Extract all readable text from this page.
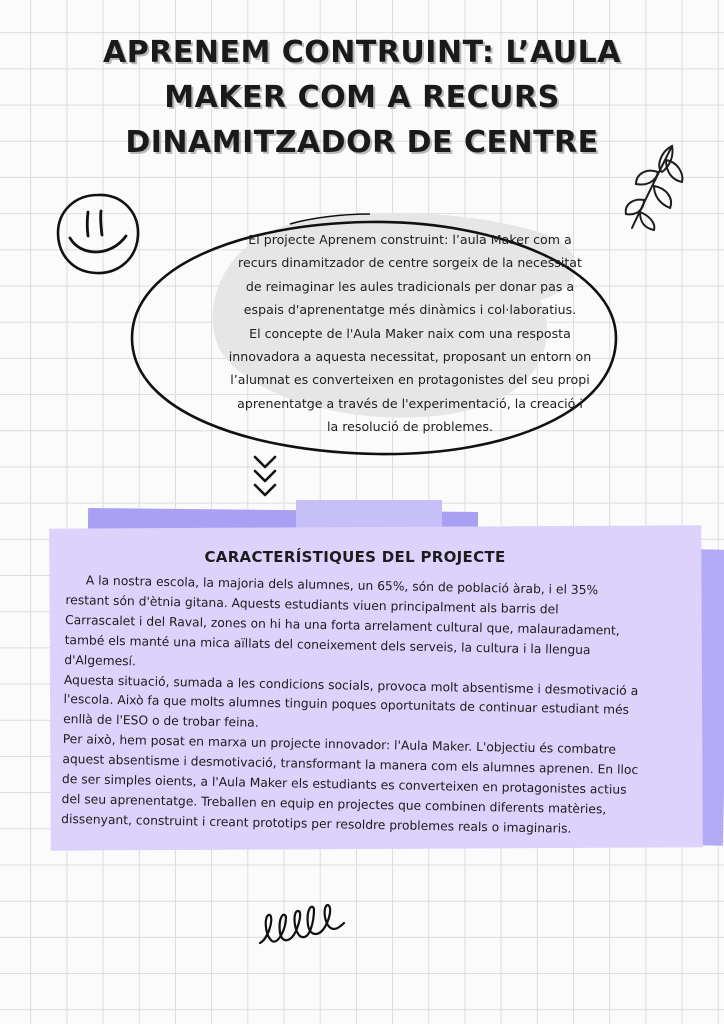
APRENEM CONTRUINT: L’AULA
MAKER COM A RECURS
DINAMITZADOR DE CENTRE
El projecte Aprenem construint: l’aula Maker com a
recurs dinamitzador de centre sorgeix de la necessitat
de reimaginar les aules tradicionals per donar pas a
espais d'aprenentatge més dinàmics i col·laboratius.
El concepte de l'Aula Maker naix com una resposta
innovadora a aquesta necessitat, proposant un entorn on
l’alumnat es converteixen en protagonistes del seu propi
aprenentatge a través de l'experimentació, la creació i
la resolució de problemes.
CARACTERÍSTIQUES DEL PROJECTE
A la nostra escola, la majoria dels alumnes, un 65%, són de població àrab, i el 35%
restant són d'ètnia gitana. Aquests estudiants viuen principalment als barris del
Carrascalet i del Raval, zones on hi ha una forta arrelament cultural que, malauradament,
també els manté una mica aïllats del coneixement dels serveis, la cultura i la llengua
d'Algemesí.
Aquesta situació, sumada a les condicions socials, provoca molt absentisme i desmotivació a
l'escola. Això fa que molts alumnes tinguin poques oportunitats de continuar estudiant més
enllà de l'ESO o de trobar feina.
Per això, hem posat en marxa un projecte innovador: l'Aula Maker. L'objectiu és combatre
aquest absentisme i desmotivació, transformant la manera com els alumnes aprenen. En lloc
de ser simples oients, a l'Aula Maker els estudiants es converteixen en protagonistes actius
del seu aprenentatge. Treballen en equip en projectes que combinen diferents matèries,
dissenyant, construint i creant prototips per resoldre problemes reals o imaginaris.
